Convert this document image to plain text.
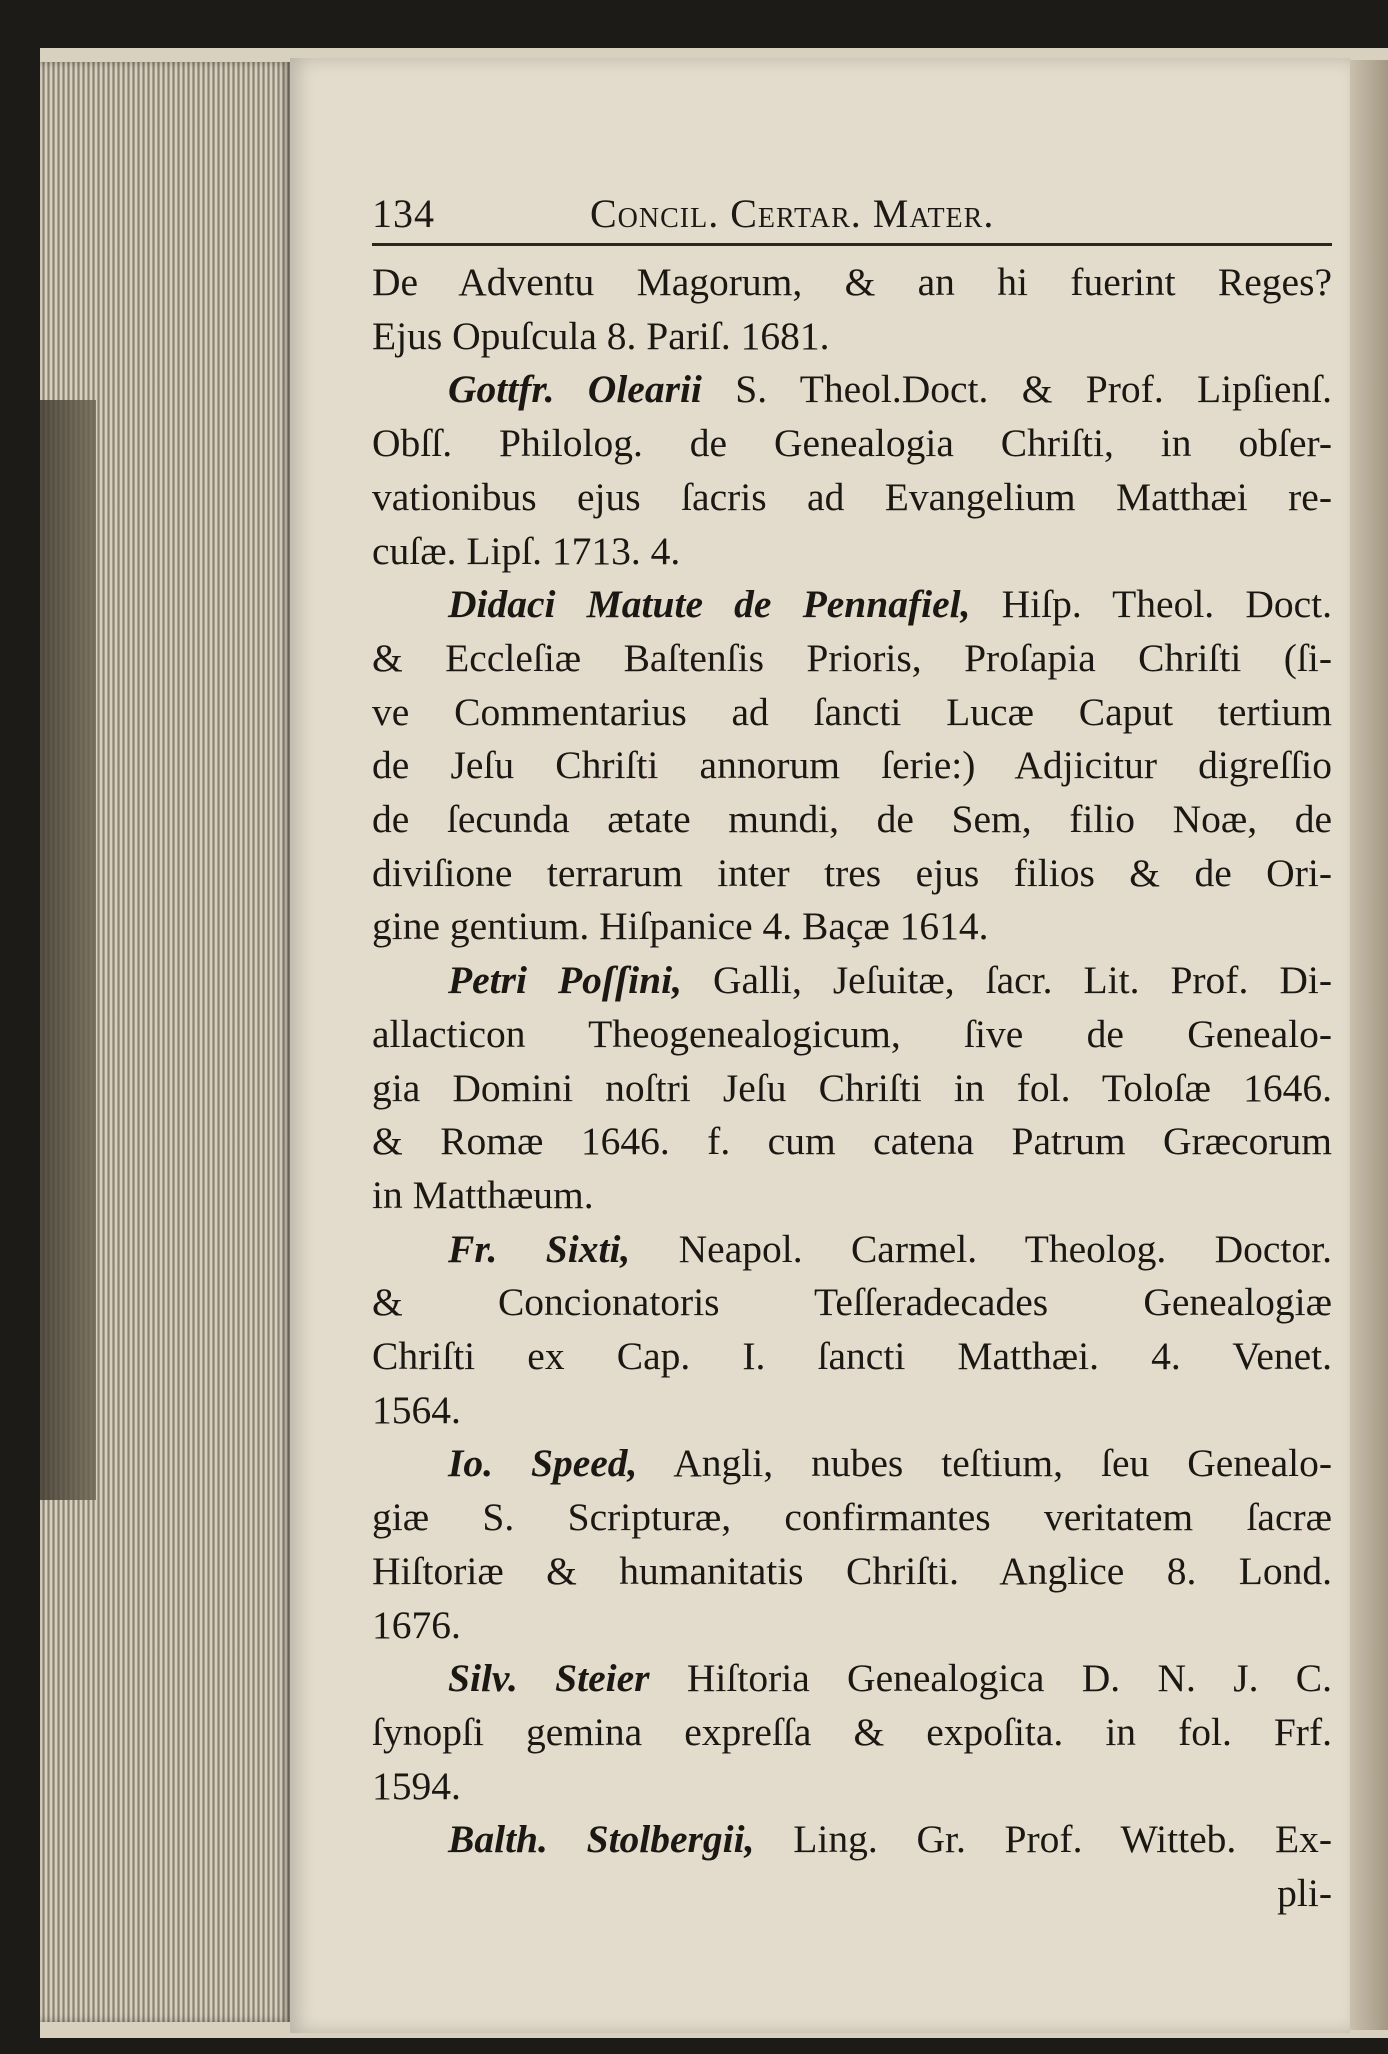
134	Concil. Certar. Mater.
De Adventu Magorum, & an hi fuerint Reges?
Ejus Opuſcula 8. Pariſ. 1681.
Gottfr. Olearii S. Theol.Doct. & Prof. Lipſienſ.
Obſſ. Philolog. de Genealogia Chriſti, in obſer-
vationibus ejus ſacris ad Evangelium Matthæi re-
cuſæ. Lipſ. 1713. 4.
Didaci Matute de Pennafiel, Hiſp. Theol. Doct.
& Eccleſiæ Baſtenſis Prioris, Proſapia Chriſti (ſi-
ve Commentarius ad ſancti Lucæ Caput tertium
de Jeſu Chriſti annorum ſerie:) Adjicitur digreſſio
de ſecunda ætate mundi, de Sem, filio Noæ, de
diviſione terrarum inter tres ejus filios & de Ori-
gine gentium. Hiſpanice 4. Baçæ 1614.
Petri Poſſini, Galli, Jeſuitæ, ſacr. Lit. Prof. Di-
allacticon Theogenealogicum, ſive de Genealo-
gia Domini noſtri Jeſu Chriſti in fol. Toloſæ 1646.
& Romæ 1646. f. cum catena Patrum Græcorum
in Matthæum.
Fr. Sixti, Neapol. Carmel. Theolog. Doctor.
& Concionatoris Teſſeradecades Genealogiæ
Chriſti ex Cap. I. ſancti Matthæi. 4. Venet.
1564.
Io. Speed, Angli, nubes teſtium, ſeu Genealo-
giæ S. Scripturæ, confirmantes veritatem ſacræ
Hiſtoriæ & humanitatis Chriſti. Anglice 8. Lond.
1676.
Silv. Steier Hiſtoria Genealogica D. N. J. C.
ſynopſi gemina expreſſa & expoſita. in fol. Frf.
1594.
Balth. Stolbergii, Ling. Gr. Prof. Witteb. Ex-
pli-
